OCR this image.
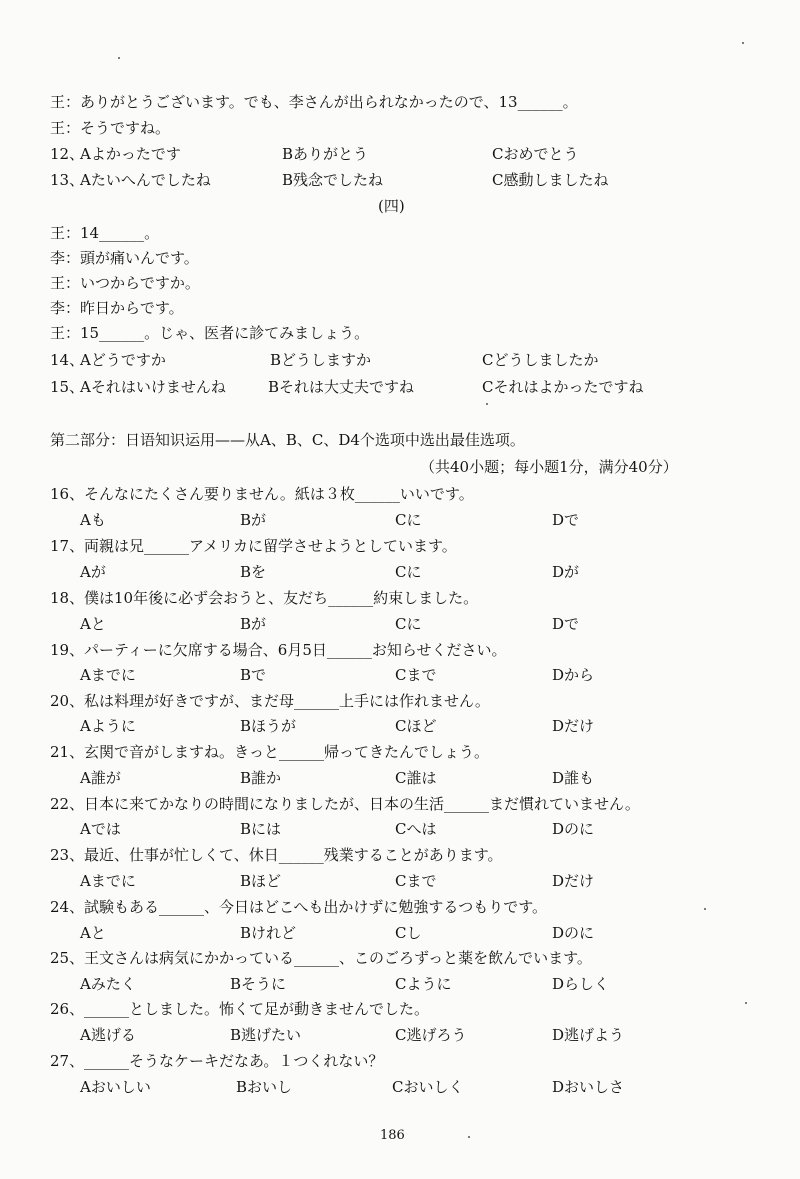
王： ありがとうございます。でも、李さんが出られなかったので、13______。
王： そうですね。
12、
Aよかったです	Bありがとう	Cおめでとう
13、
Aたいへんでしたね	B残念でしたね	C感動しましたね
(四)
王： 14______。
李： 頭が痛いんです。
王： いつからですか。
李： 昨日からです。
王： 15______。じゃ、医者に診てみましょう。
14、
Aどうですか	Bどうしますか	Cどうしましたか
15、
Aそれはいけませんね	Bそれは大丈夫ですね	Cそれはよかったですね
第二部分：日语知识运用——从A、B、C、D4个选项中选出最佳选项。
（共40小题；每小题1分，满分40分）
16、 そんなにたくさん要りません。紙は３枚______いいです。
Aも	Bが	Cに	Dで
17、 両親は兄______アメリカに留学させようとしています。
Aが	Bを	Cに	Dが
18、 僕は10年後に必ず会おうと、友だち______約束しました。
Aと	Bが	Cに	Dで
19、 パーティーに欠席する場合、6月5日______お知らせください。
Aまでに	Bで	Cまで	Dから
20、 私は料理が好きですが、まだ母______上手には作れません。
Aように	Bほうが	Cほど	Dだけ
21、 玄関で音がしますね。きっと______帰ってきたんでしょう。
A誰が	B誰か	C誰は	D誰も
22、 日本に来てかなりの時間になりましたが、日本の生活______まだ慣れていません。
Aでは	Bには	Cへは	Dのに
23、 最近、仕事が忙しくて、休日______残業することがあります。
Aまでに	Bほど	Cまで	Dだけ
24、 試験もある______、今日はどこへも出かけずに勉強するつもりです。
Aと	Bけれど	Cし	Dのに
25、 王文さんは病気にかかっている______、このごろずっと薬を飲んでいます。
Aみたく	Bそうに	Cように	Dらしく
26、 ______としました。怖くて足が動きませんでした。
A逃げる	B逃げたい	C逃げろう	D逃げよう
27、 ______そうなケーキだなあ。１つくれない？
Aおいしい	Bおいし	Cおいしく	Dおいしさ
186
